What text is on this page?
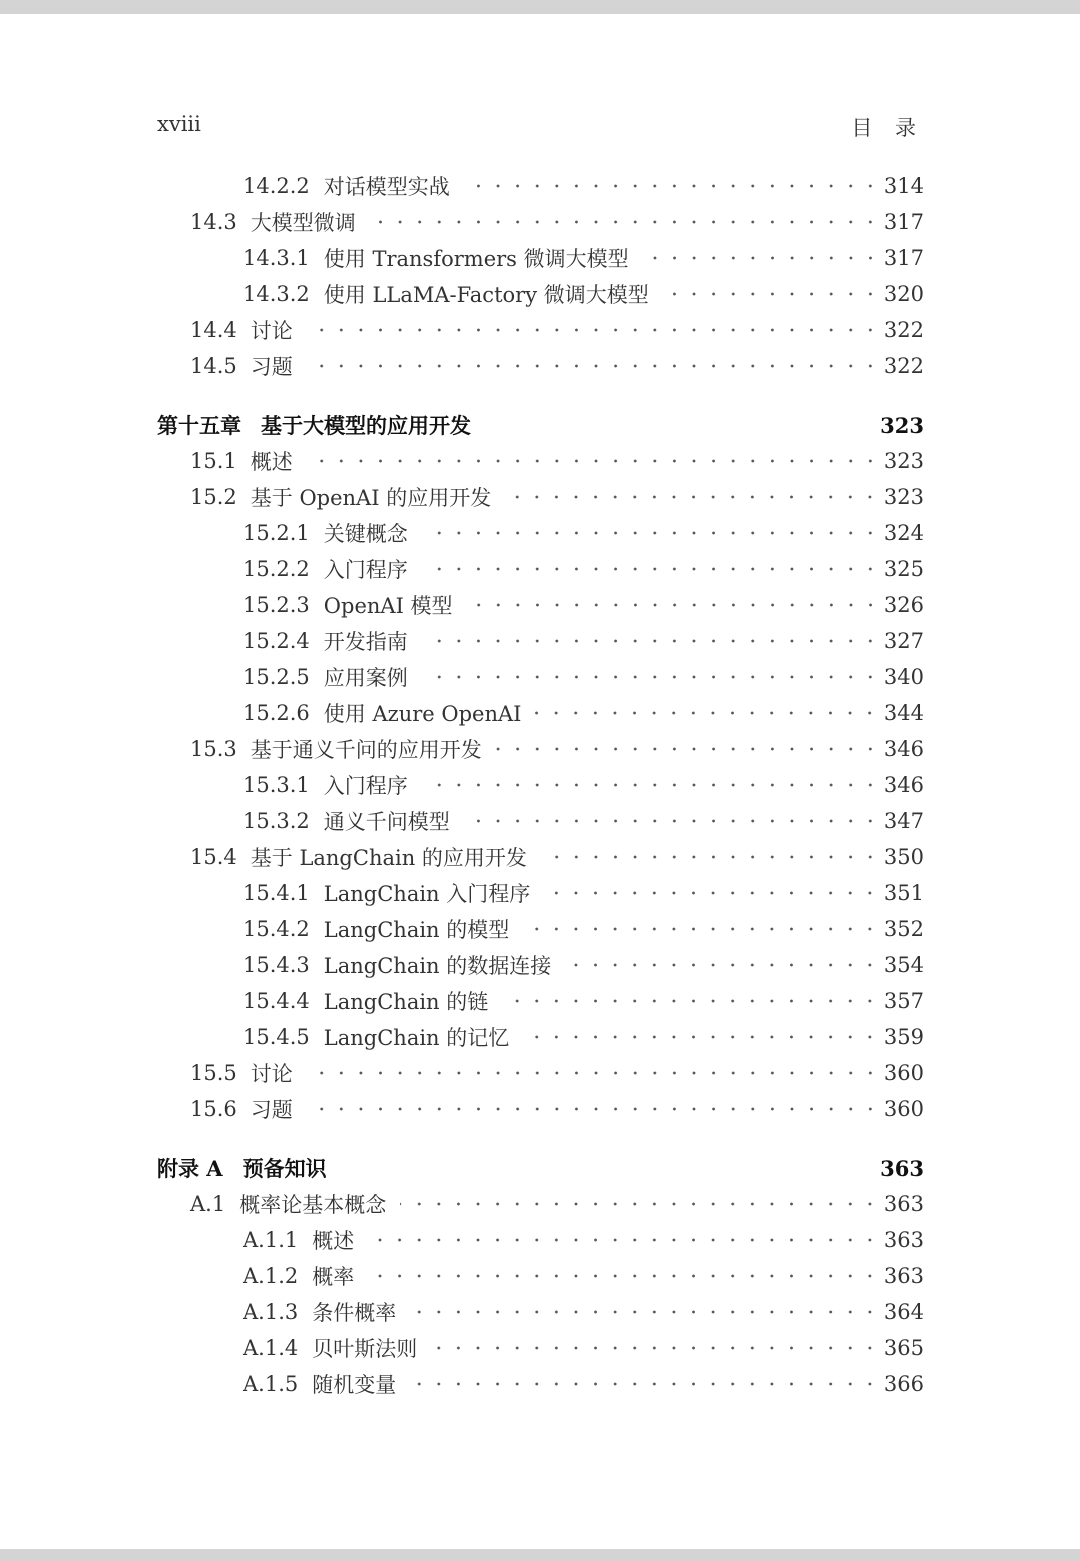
xviii	目 录
14.2.2 对话模型实战	314
14.3 大模型微调	317
14.3.1 使用 Transformers 微调大模型	317
14.3.2 使用 LLaMA-Factory 微调大模型	320
14.4 讨论	322
14.5 习题	322
第十五章 基于大模型的应用开发	323
15.1 概述	323
15.2 基于 OpenAI 的应用开发	323
15.2.1 关键概念	324
15.2.2 入门程序	325
15.2.3 OpenAI 模型	326
15.2.4 开发指南	327
15.2.5 应用案例	340
15.2.6 使用 Azure OpenAI	344
15.3 基于通义千问的应用开发	346
15.3.1 入门程序	346
15.3.2 通义千问模型	347
15.4 基于 LangChain 的应用开发	350
15.4.1 LangChain 入门程序	351
15.4.2 LangChain 的模型	352
15.4.3 LangChain 的数据连接	354
15.4.4 LangChain 的链	357
15.4.5 LangChain 的记忆	359
15.5 讨论	360
15.6 习题	360
附录 A 预备知识	363
A.1 概率论基本概念	363
A.1.1 概述	363
A.1.2 概率	363
A.1.3 条件概率	364
A.1.4 贝叶斯法则	365
A.1.5 随机变量	366
